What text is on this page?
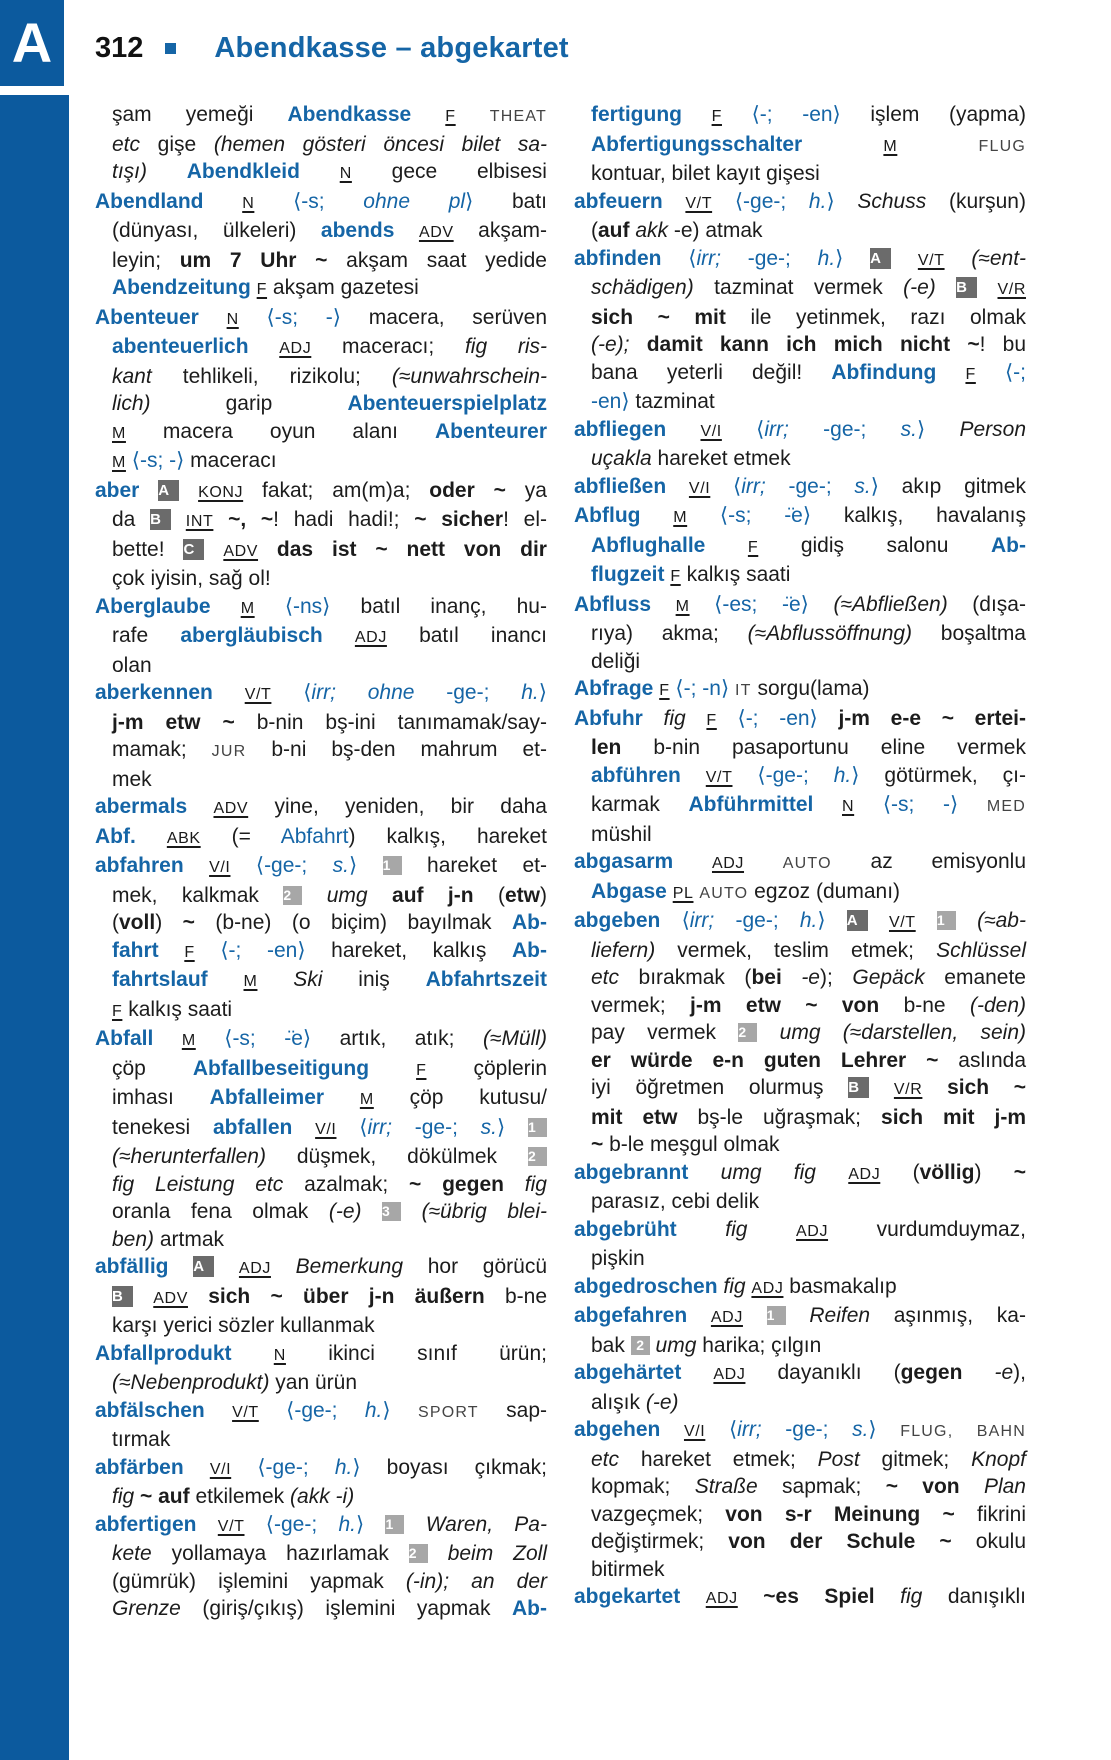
A 312 Abendkasse – abgekartet
şam yemeği Abendkasse F THEAT
etc gişe (hemen gösteri öncesi bilet sa-
tışı) Abendkleid N gece elbisesi
Abendland N ⟨-s; ohne pl⟩ batı
(dünyası, ülkeleri) abends ADV akşam-
leyin; um 7 Uhr ~ akşam saat yedide
Abendzeitung F akşam gazetesi
Abenteuer N ⟨-s; -⟩ macera, serüven
abenteuerlich ADJ maceracı; fig ris-
kant tehlikeli, rizikolu; (≈unwahrschein-
lich)	garip	Abenteuerspielplatz
M macera oyun alanı Abenteurer
M ⟨-s; -⟩ maceracı
aber A KONJ fakat; am(m)a; oder ~ ya
da B INT ~, ~! hadi hadi!; ~ sicher! el-
bette! C ADV das ist ~ nett von dir
çok iyisin, sağ ol!
Aberglaube M ⟨-ns⟩ batıl inanç, hu-
rafe abergläubisch ADJ batıl inancı
olan
aberkennen V/T ⟨irr; ohne -ge-; h.⟩
j-m etw ~ b-nin bş-ini tanımamak/say-
mamak; JUR b-ni bş-den mahrum et-
mek
abermals ADV yine, yeniden, bir daha
Abf. ABK (= Abfahrt) kalkış, hareket
abfahren V/I ⟨-ge-; s.⟩ 1 hareket et-
mek, kalkmak 2 umg auf j-n (etw)
(voll) ~ (b-ne) (o biçim) bayılmak Ab-
fahrt F ⟨-; -en⟩ hareket, kalkış Ab-
fahrtslauf M Ski iniş Abfahrtszeit
F kalkış saati
Abfall M ⟨-s; -̈e⟩ artık, atık; (≈Müll)
çöp Abfallbeseitigung	F çöplerin
imhası Abfalleimer M çöp kutusu/
tenekesi abfallen V/I ⟨irr; -ge-; s.⟩ 1
(≈herunterfallen) düşmek, dökülmek 2
fig Leistung etc azalmak; ~ gegen fig
oranla fena olmak (-e) 3 (≈übrig blei-
ben) artmak
abfällig A ADJ Bemerkung hor görücü
B ADV sich ~ über j-n äußern b-ne
karşı yerici sözler kullanmak
Abfallprodukt	N ikinci sınıf ürün;
(≈Nebenprodukt) yan ürün
abfälschen V/T ⟨-ge-; h.⟩ SPORT sap-
tırmak
abfärben V/I ⟨-ge-; h.⟩ boyası çıkmak;
fig ~ auf etkilemek (akk -i)
abfertigen V/T ⟨-ge-; h.⟩ 1 Waren, Pa-
kete yollamaya hazırlamak 2 beim Zoll
(gümrük) işlemini yapmak (-in); an der
Grenze (giriş/çıkış) işlemini yapmak Ab-
fertigung F ⟨-; -en⟩ işlem (yapma)
Abfertigungsschalter	M	FLUG
kontuar, bilet kayıt gişesi
abfeuern V/T ⟨-ge-; h.⟩ Schuss (kurşun)
(auf akk -e) atmak
abfinden ⟨irr; -ge-; h.⟩ A V/T (≈ent-
schädigen) tazminat vermek (-e) B V/R
sich ~ mit ile yetinmek, razı olmak
(-e); damit kann ich mich nicht ~! bu
bana yeterli değil! Abfindung F ⟨-;
-en⟩ tazminat
abfliegen V/I ⟨irr; -ge-; s.⟩ Person
uçakla hareket etmek
abfließen V/I ⟨irr; -ge-; s.⟩ akıp gitmek
Abflug M ⟨-s; -̈e⟩ kalkış, havalanış
Abflughalle	F gidiş salonu Ab-
flugzeit F kalkış saati
Abfluss M ⟨-es; -̈e⟩ (≈Abfließen) (dışa-
rıya) akma; (≈Abflussöffnung) boşaltma
deliği
Abfrage F ⟨-; -n⟩ IT sorgu(lama)
Abfuhr fig F ⟨-; -en⟩ j-m e-e ~ ertei-
len b-nin pasaportunu eline vermek
abführen V/T ⟨-ge-; h.⟩ götürmek, çı-
karmak Abführmittel N ⟨-s; -⟩ MED
müshil
abgasarm ADJ AUTO az emisyonlu
Abgase PL AUTO egzoz (dumanı)
abgeben ⟨irr; -ge-; h.⟩ A V/T 1 (≈ab-
liefern) vermek, teslim etmek; Schlüssel
etc bırakmak (bei -e); Gepäck emanete
vermek; j-m etw ~ von b-ne (-den)
pay vermek 2 umg (≈darstellen, sein)
er würde e-n guten Lehrer ~ aslında
iyi öğretmen olurmuş B V/R sich ~
mit etw bş-le uğraşmak; sich mit j-m
~ b-le meşgul olmak
abgebrannt umg fig ADJ (völlig) ~
parasız, cebi delik
abgebrüht fig	ADJ vurdumduymaz,
pişkin
abgedroschen fig ADJ basmakalıp
abgefahren ADJ 1 Reifen aşınmış, ka-
bak 2 umg harika; çılgın
abgehärtet ADJ dayanıklı (gegen -e),
alışık (-e)
abgehen V/I ⟨irr; -ge-; s.⟩ FLUG, BAHN
etc hareket etmek; Post gitmek; Knopf
kopmak; Straße sapmak; ~ von Plan
vazgeçmek; von s-r Meinung ~ fikrini
değiştirmek; von der Schule ~ okulu
bitirmek
abgekartet ADJ ~es Spiel fig danışıklı
